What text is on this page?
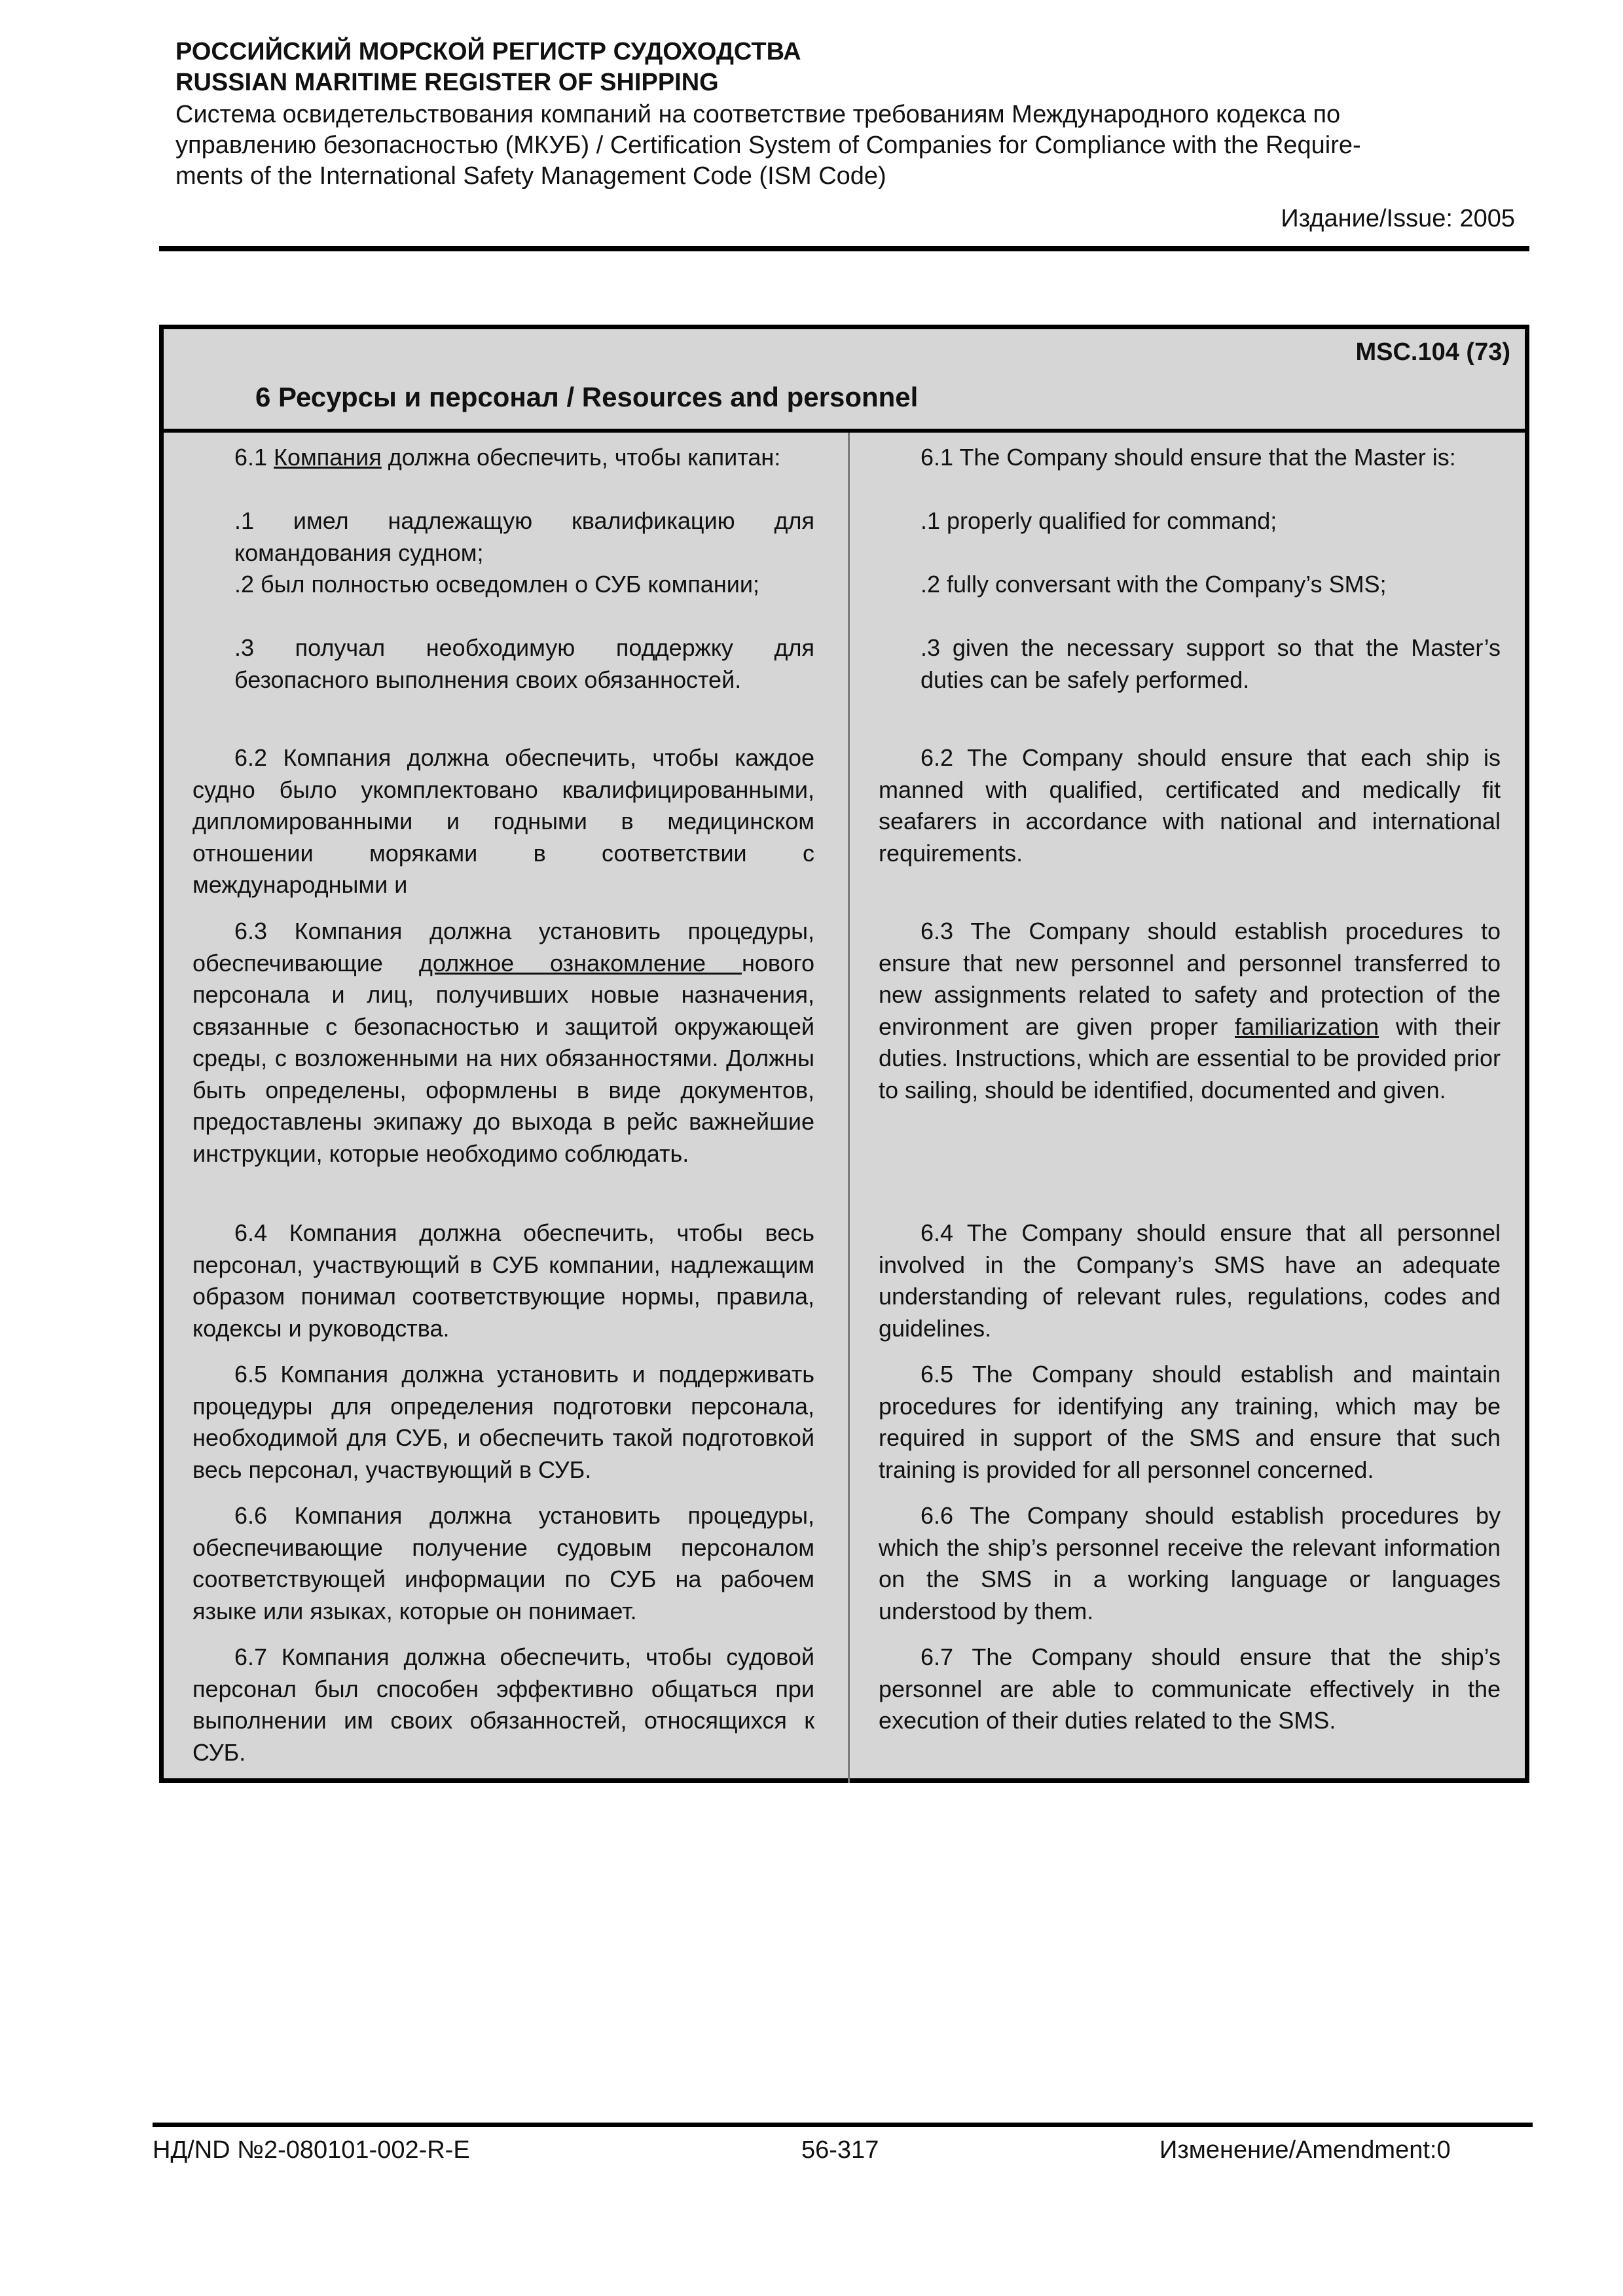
РОССИЙСКИЙ МОРСКОЙ РЕГИСТР СУДОХОДСТВА
RUSSIAN MARITIME REGISTER OF SHIPPING
Система освидетельствования компаний на соответствие требованиям Международного кодекса по
управлению безопасностью (МКУБ) / Certification System of Companies for Compliance with the Require-
ments of the International Safety Management Code (ISM Code)
Издание/Issue: 2005
MSC.104 (73)
6 Ресурсы и персонал / Resources and personnel

6.1 Компания должна обеспечить, чтобы капитан:

.1 имел надлежащую квалификацию для командования судном;

.2 был полностью осведомлен о СУБ компании;

.3 получал необходимую поддержку для безопасного выполнения своих обязанностей.

6.2 Компания должна обеспечить, чтобы каждое судно было укомплектовано квалифицированными, дипломированными и годными в медицинском отношении моряками в соответствии с международными и

6.3 Компания должна установить процедуры, обеспечивающие должное ознакомление нового персонала и лиц, получивших новые назначения, связанные с безопасностью и защитой окружающей среды, с возложенными на них обязанностями. Должны быть определены, оформлены в виде документов, предоставлены экипажу до выхода в рейс важнейшие инструкции, которые необходимо соблюдать.

6.4 Компания должна обеспечить, чтобы весь персонал, участвующий в СУБ компании, надлежащим образом понимал соответствующие нормы, правила, кодексы и руководства.

6.5 Компания должна установить и поддерживать процедуры для определения подготовки персонала, необходимой для СУБ, и обеспечить такой подготовкой весь персонал, участвующий в СУБ.

6.6 Компания должна установить процедуры, обеспечивающие получение судовым персоналом соответствующей информации по СУБ на рабочем языке или языках, которые он понимает.

6.7 Компания должна обеспечить, чтобы судовой персонал был способен эффективно общаться при выполнении им своих обязанностей, относящихся к СУБ.

6.1 The Company should ensure that the Master is:

.1 properly qualified for command;

.2 fully conversant with the Company’s SMS;

.3 given the necessary support so that the Master’s duties can be safely performed.

6.2 The Company should ensure that each ship is manned with qualified, certificated and medically fit seafarers in accordance with national and international requirements.

6.3 The Company should establish procedures to ensure that new personnel and personnel transferred to new assignments related to safety and protection of the environment are given proper familiarization with their duties. Instructions, which are essential to be provided prior to sailing, should be identified, documented and given.

6.4 The Company should ensure that all personnel involved in the Company’s SMS have an adequate understanding of relevant rules, regulations, codes and guidelines.

6.5 The Company should establish and maintain procedures for identifying any training, which may be required in support of the SMS and ensure that such training is provided for all personnel concerned.

6.6 The Company should establish procedures by which the ship’s personnel receive the relevant information on the SMS in a working language or languages understood by them.

6.7 The Company should ensure that the ship’s personnel are able to communicate effectively in the execution of their duties related to the SMS.

НД/ND №2-080101-002-R-E	56-317	Изменение/Amendment:0
